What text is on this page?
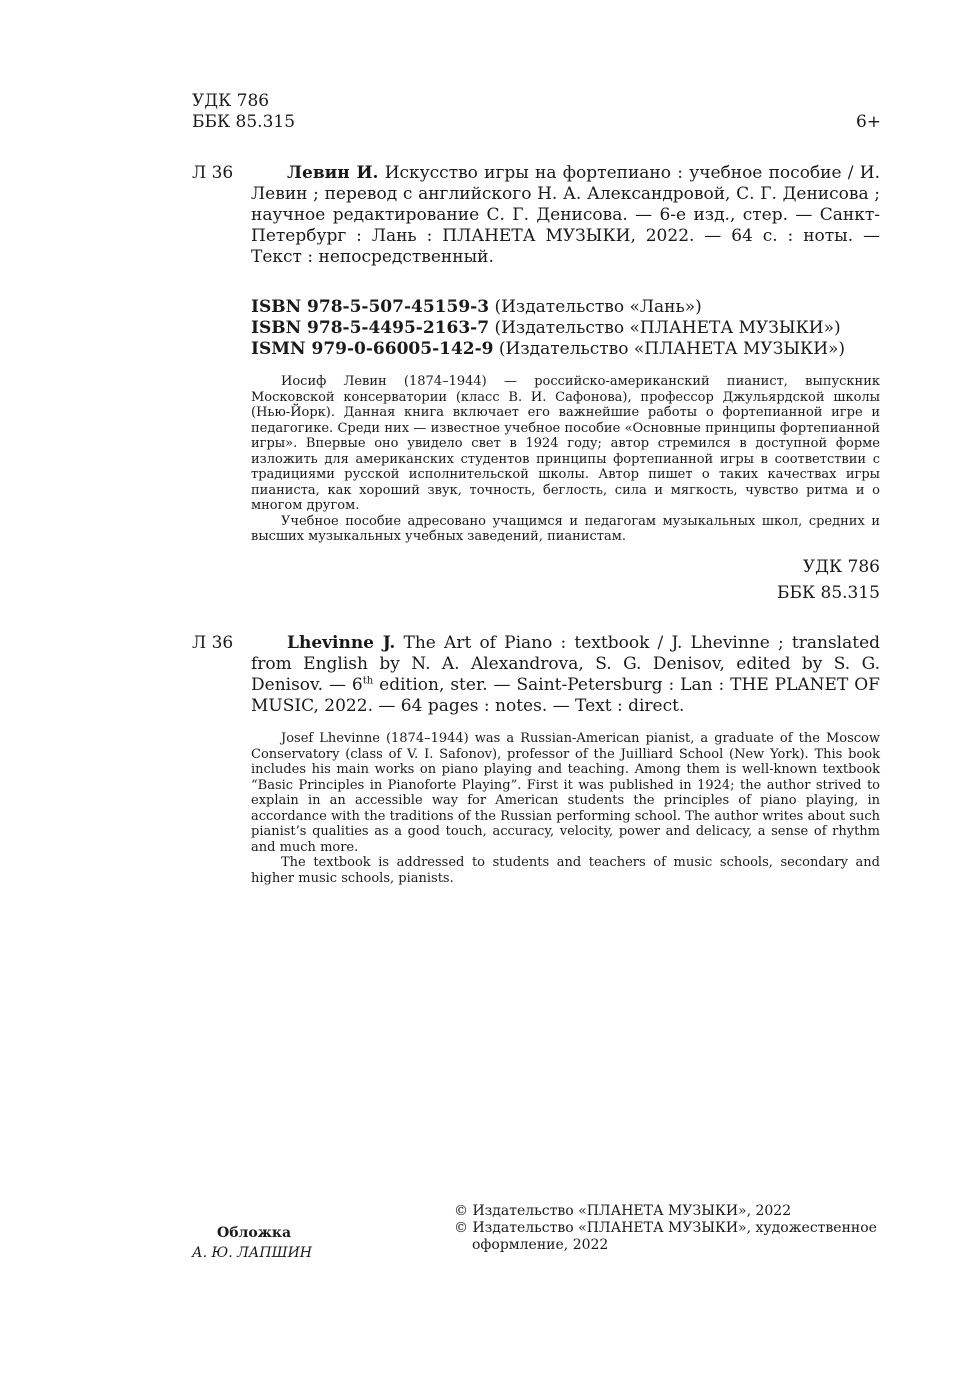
УДК 786
ББК 85.315	6+
Л 36	Левин И. Искусство игры на фортепиано : учебное пособие / И. Левин ; перевод с английского Н. А. Александровой, С. Г. Денисова ; научное редактирование С. Г. Денисова. — 6-е изд., стер. — Санкт-Петербург : Лань : ПЛАНЕТА МУЗЫКИ, 2022. — 64 с. : ноты. — Текст : непосредственный.
ISBN 978-5-507-45159-3 (Издательство «Лань»)
ISBN 978-5-4495-2163-7 (Издательство «ПЛАНЕТА МУЗЫКИ»)
ISMN 979-0-66005-142-9 (Издательство «ПЛАНЕТА МУЗЫКИ»)

Иосиф Левин (1874–1944) — российско-американский пианист, выпускник Московской консерватории (класс В. И. Сафонова), профессор Джульярдской школы (Нью-Йорк). Данная книга включает его важнейшие работы о фортепианной игре и педагогике. Среди них — известное учебное пособие «Основные принципы фортепианной игры». Впервые оно увидело свет в 1924 году; автор стремился в доступной форме изложить для американских студентов принципы фортепианной игры в соответствии с традициями русской исполнительской школы. Автор пишет о таких качествах игры пианиста, как хороший звук, точность, беглость, сила и мягкость, чувство ритма и о многом другом.

Учебное пособие адресовано учащимся и педагогам музыкальных школ, средних и высших музыкальных учебных заведений, пианистам.

УДК 786
ББК 85.315
Л 36	Lhevinne J. The Art of Piano : textbook / J. Lhevinne ; translated from English by N. A. Alexandrova, S. G. Denisov, edited by S. G. Denisov. — 6th edition, ster. — Saint-Petersburg : Lan : THE PLANET OF MUSIC, 2022. — 64 pages : notes. — Text : direct.

Josef Lhevinne (1874–1944) was a Russian-American pianist, a graduate of the Moscow Conservatory (class of V. I. Safonov), professor of the Juilliard School (New York). This book includes his main works on piano playing and teaching. Among them is well-known textbook “Basic Principles in Pianoforte Playing”. First it was published in 1924; the author strived to explain in an accessible way for American students the principles of piano playing, in accordance with the traditions of the Russian performing school. The author writes about such pianist’s qualities as a good touch, accuracy, velocity, power and delicacy, a sense of rhythm and much more.

The textbook is addressed to students and teachers of music schools, secondary and higher music schools, pianists.

Обложка
А. Ю. ЛАПШИН
© Издательство «ПЛАНЕТА МУЗЫКИ», 2022
© Издательство «ПЛАНЕТА МУЗЫКИ», художественное оформление, 2022
